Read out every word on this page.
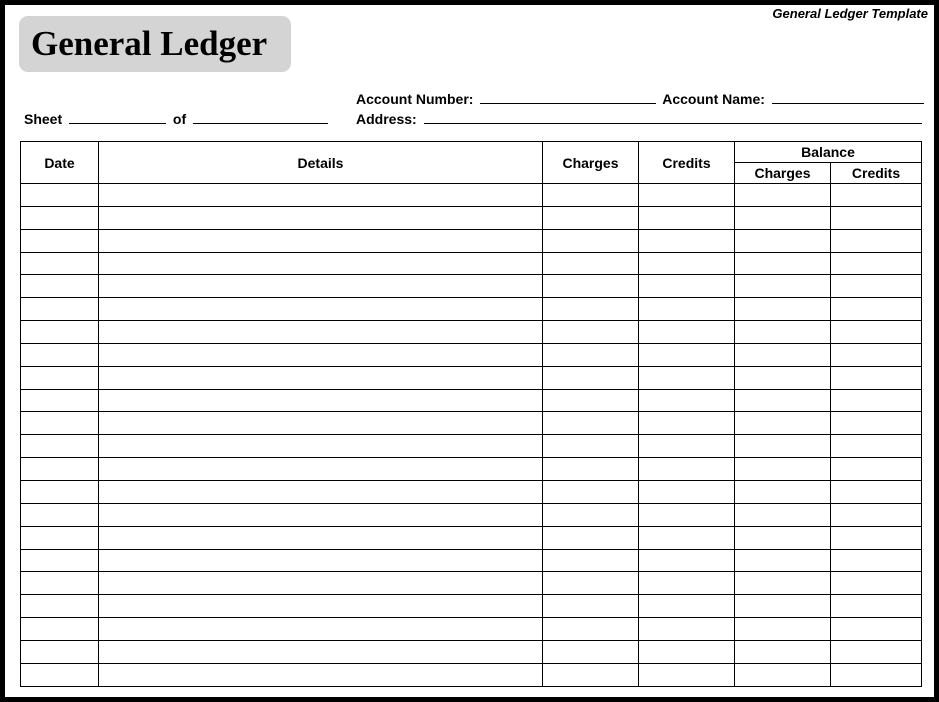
General Ledger Template
General Ledger
Sheet	of
Account Number:	Account Name:
Address:
Date	Details	Charges	Credits	Balance	
				Charges	Credits
